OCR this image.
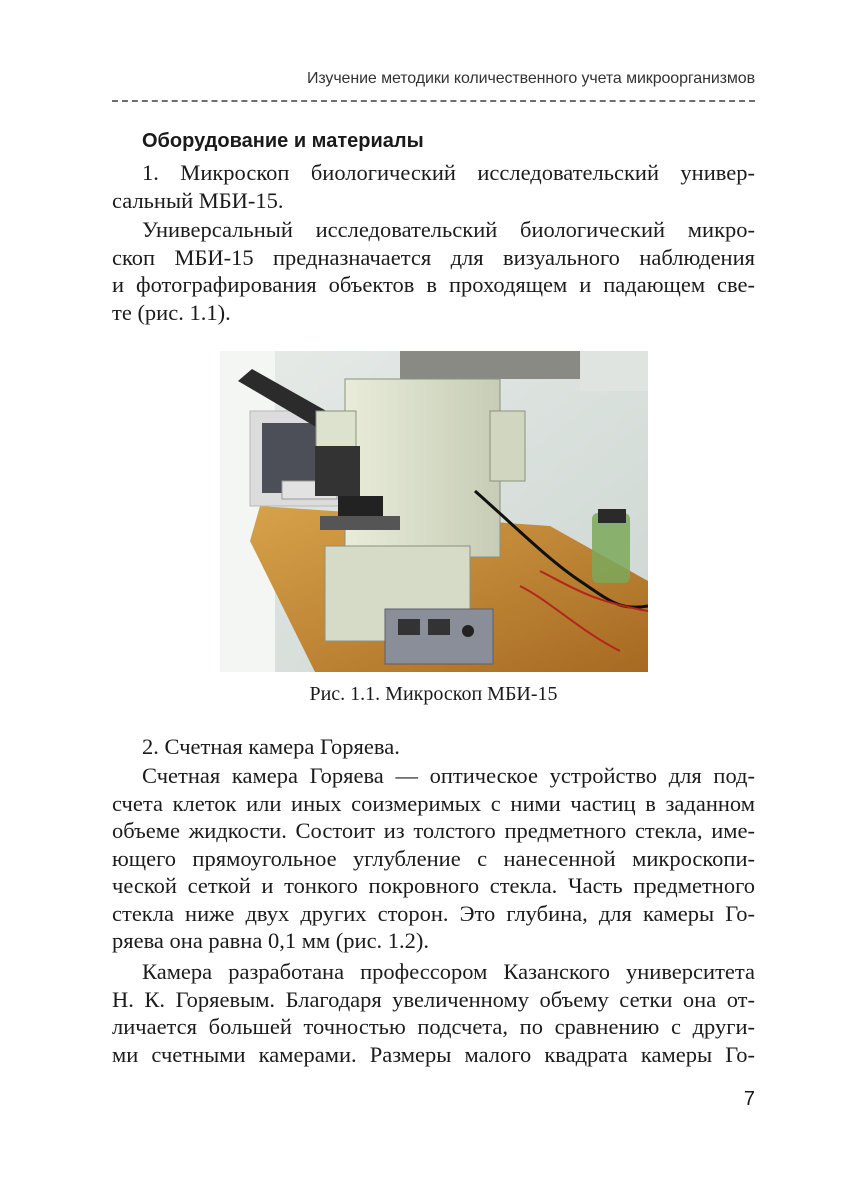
Изучение методики количественного учета микроорганизмов
Оборудование и материалы

1. Микроскоп биологический исследовательский универ-
сальный МБИ-15.

Универсальный исследовательский биологический микро-
скоп МБИ-15 предназначается для визуального наблюдения
и фотографирования объектов в проходящем и падающем све-
те (рис. 1.1).

Рис. 1.1. Микроскоп МБИ-15

2. Счетная камера Горяева.

Счетная камера Горяева — оптическое устройство для под-
счета клеток или иных соизмеримых с ними частиц в заданном
объеме жидкости. Состоит из толстого предметного стекла, име-
ющего прямоугольное углубление с нанесенной микроскопи-
ческой сеткой и тонкого покровного стекла. Часть предметного
стекла ниже двух других сторон. Это глубина, для камеры Го-
ряева она равна 0,1 мм (рис. 1.2).

Камера разработана профессором Казанского университета
Н. К. Горяевым. Благодаря увеличенному объему сетки она от-
личается большей точностью подсчета, по сравнению с други-
ми счетными камерами. Размеры малого квадрата камеры Го-

7
